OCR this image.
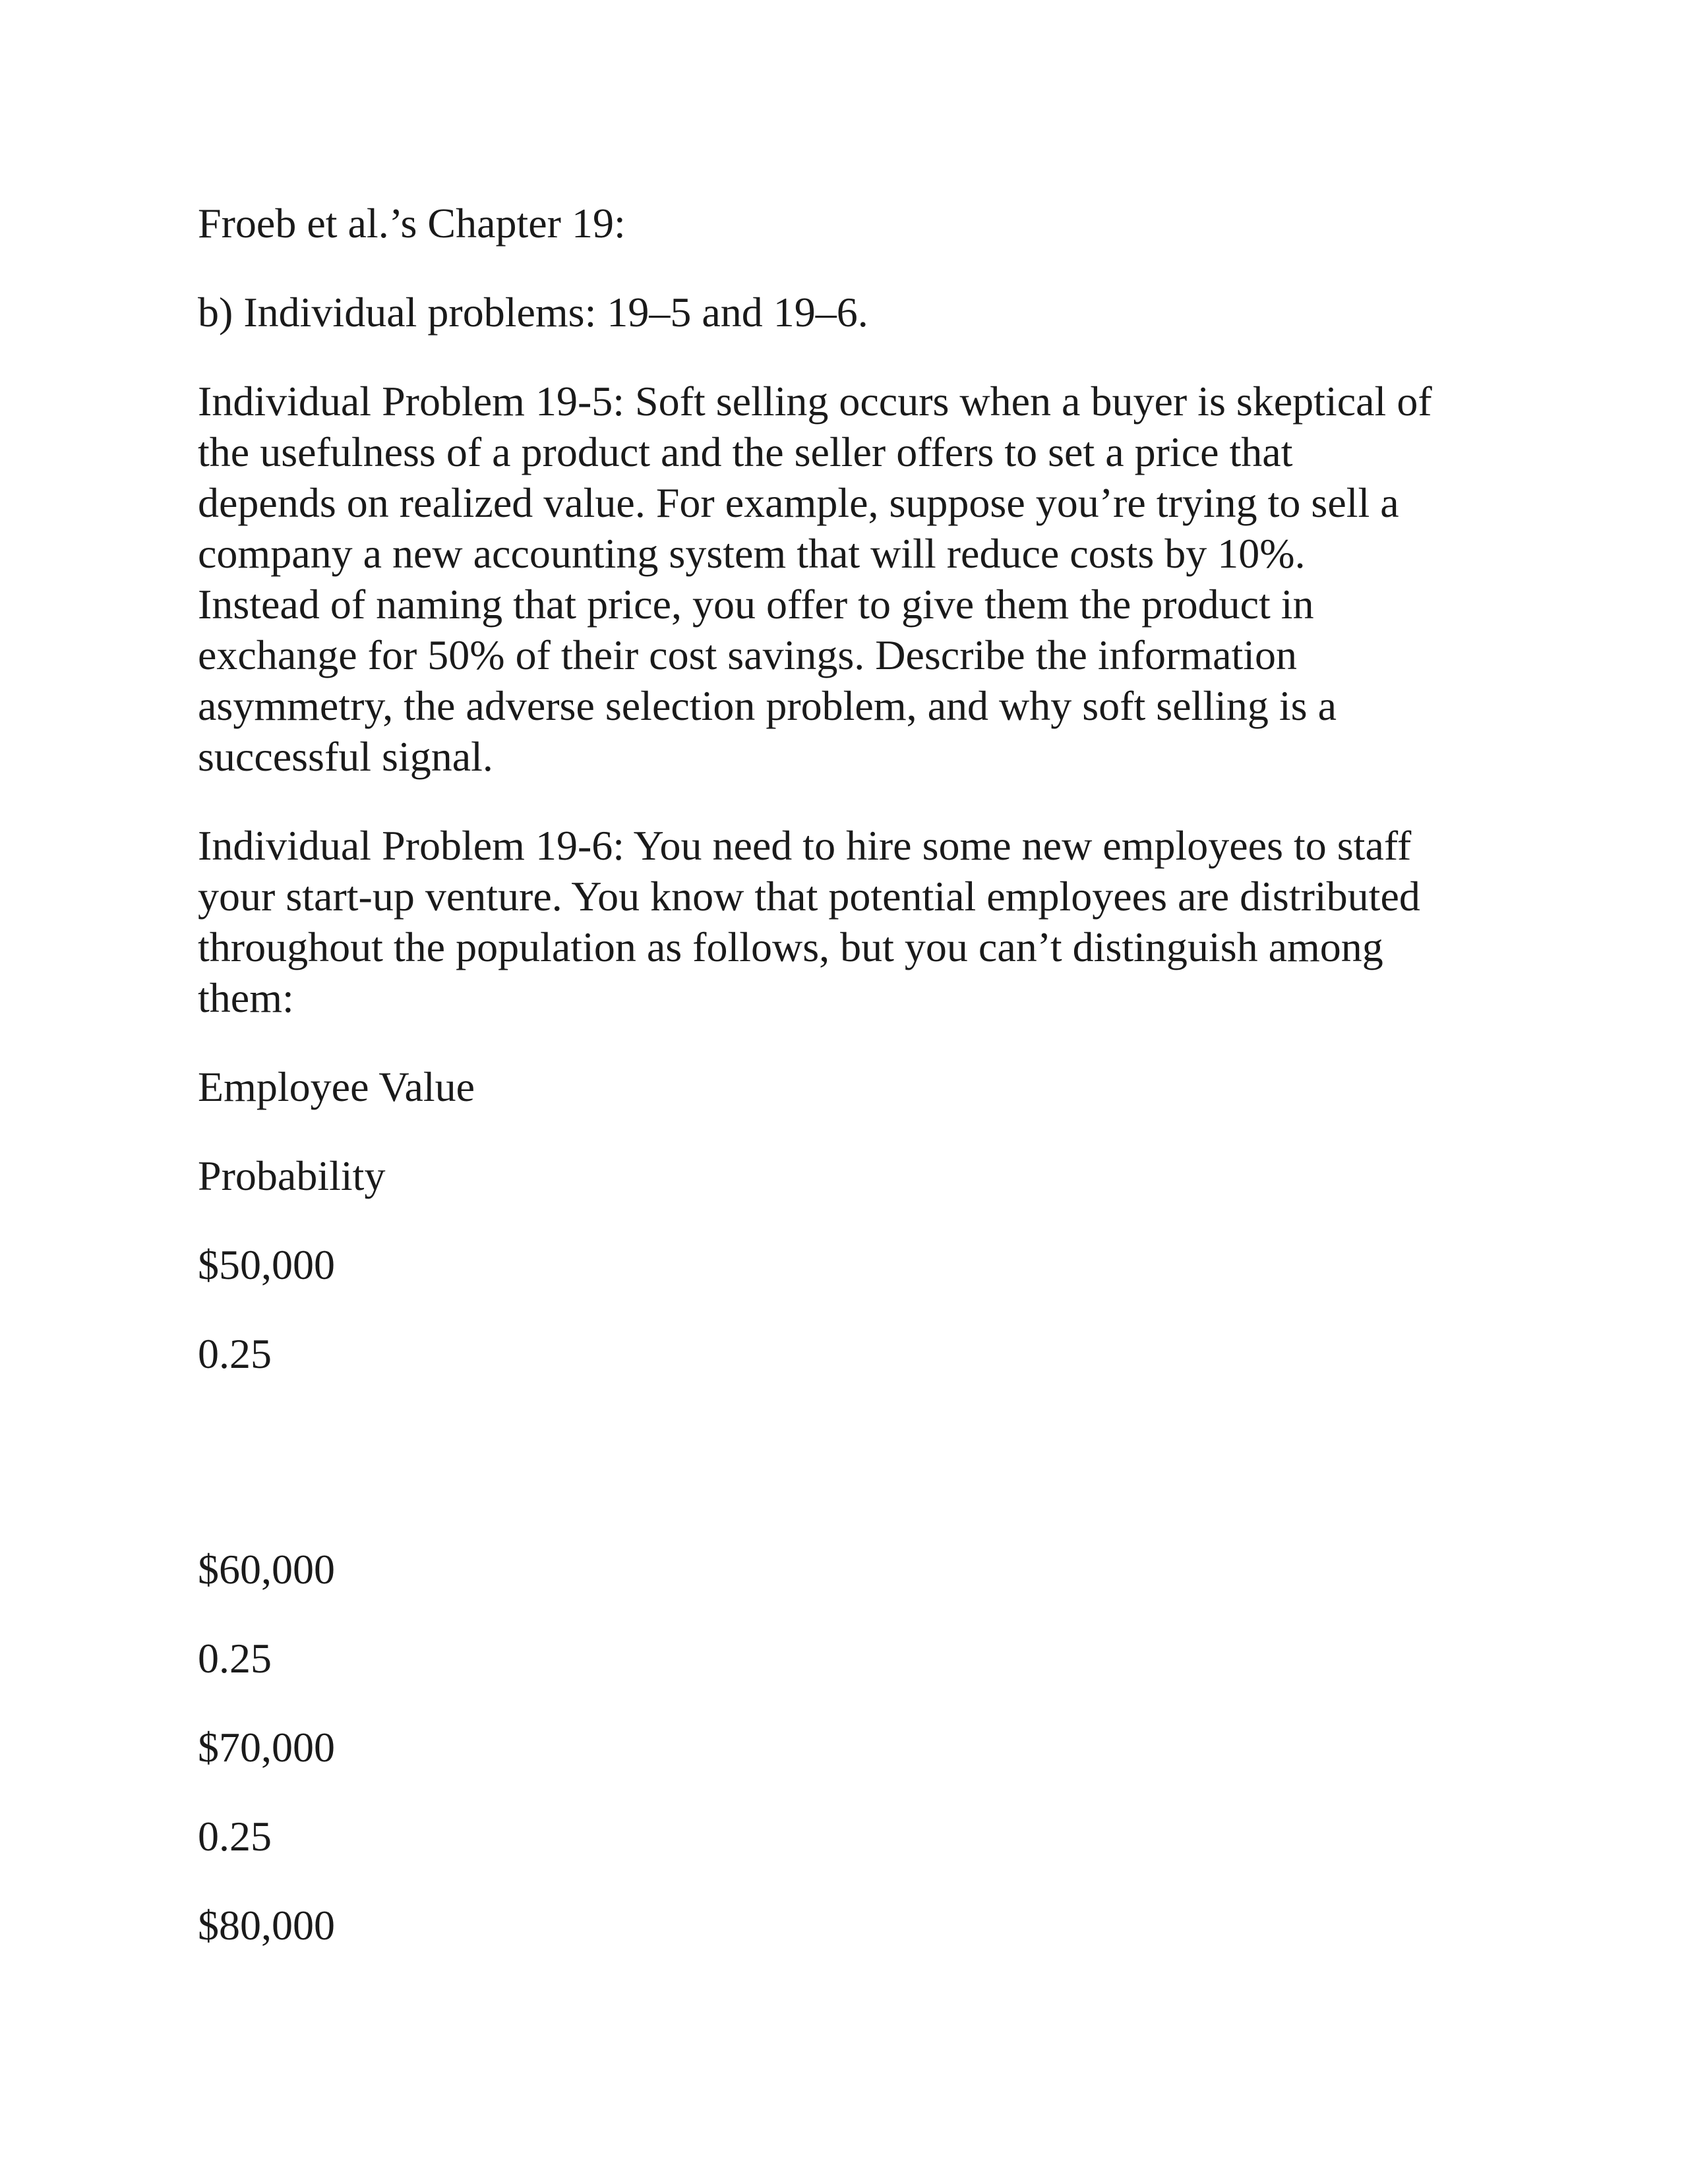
Froeb et al.’s Chapter 19:

b) Individual problems: 19–5 and 19–6.

Individual Problem 19-5: Soft selling occurs when a buyer is skeptical of
the usefulness of a product and the seller offers to set a price that
depends on realized value. For example, suppose you’re trying to sell a
company a new accounting system that will reduce costs by 10%.
Instead of naming that price, you offer to give them the product in
exchange for 50% of their cost savings. Describe the information
asymmetry, the adverse selection problem, and why soft selling is a
successful signal.

Individual Problem 19-6: You need to hire some new employees to staff
your start-up venture. You know that potential employees are distributed
throughout the population as follows, but you can’t distinguish among
them:

Employee Value

Probability

$50,000

0.25

$60,000

0.25

$70,000

0.25

$80,000
